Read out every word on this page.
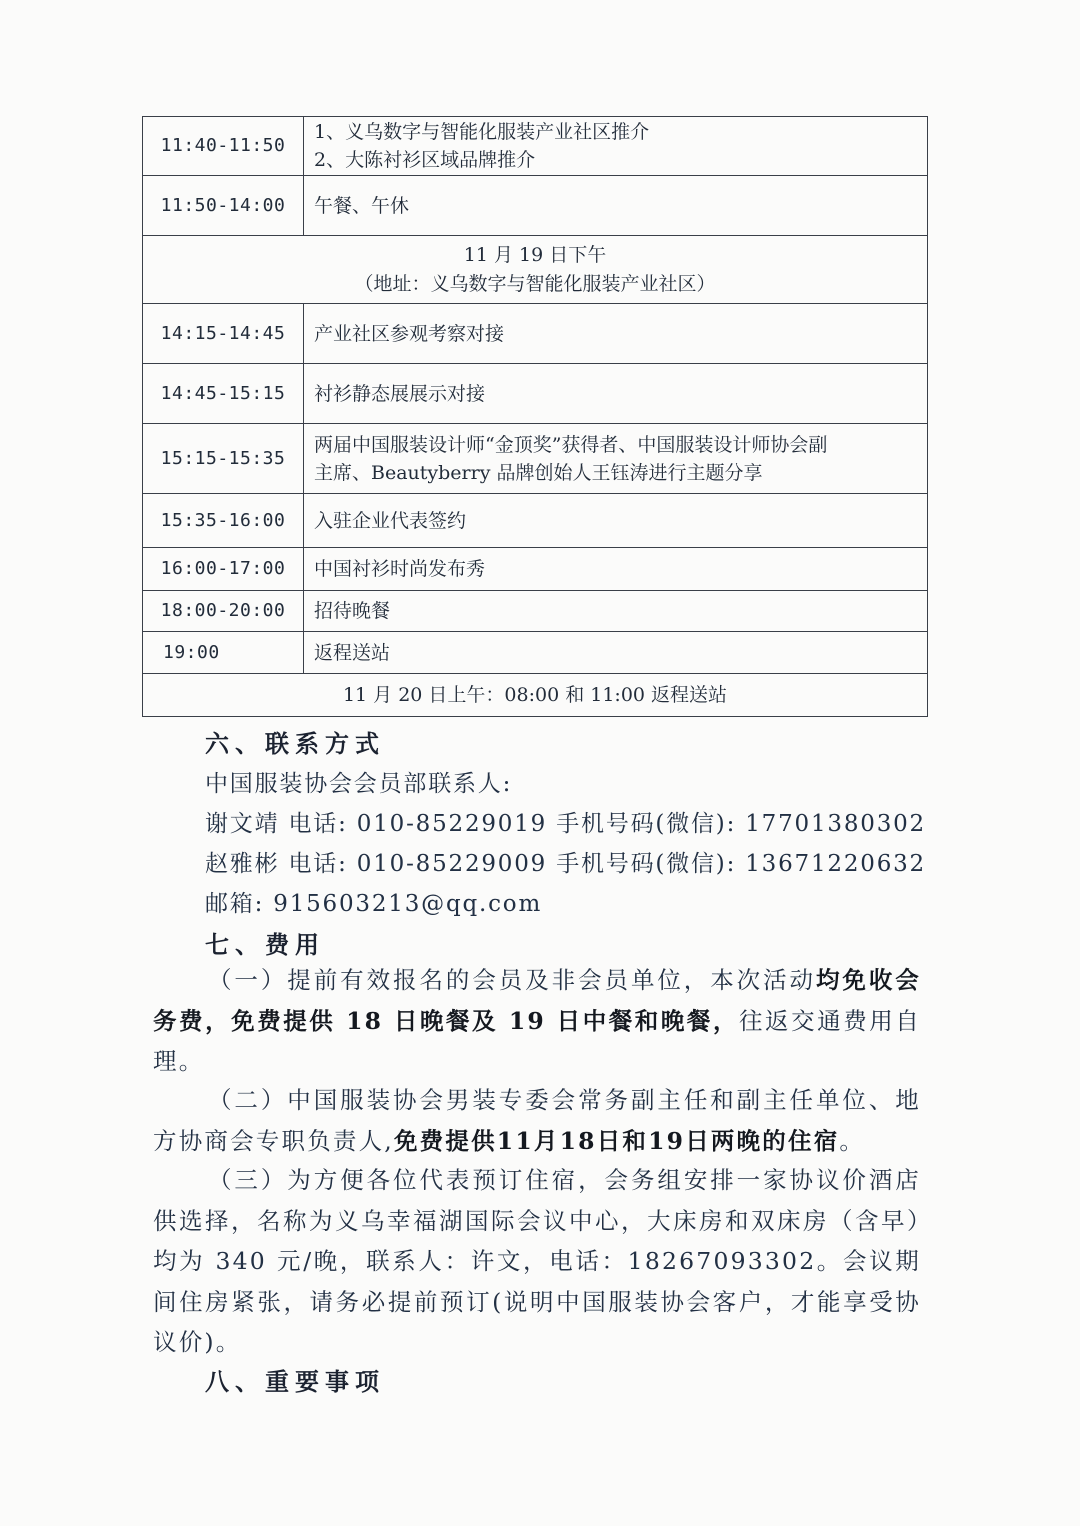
11:40-11:50	1、义乌数字与智能化服装产业社区推介
2、大陈衬衫区域品牌推介

11:50-14:00	午餐、午休

11 月 19 日下午
（地址：义乌数字与智能化服装产业社区）	

14:15-14:45	产业社区参观考察对接
14:45-15:15	衬衫静态展展示对接
15:15-15:35	两届中国服装设计师“金顶奖”获得者、中国服装设计师协会副
主席、Beautyberry 品牌创始人王钰涛进行主题分享

15:35-16:00	入驻企业代表签约
16:00-17:00	中国衬衫时尚发布秀
18:00-20:00	招待晚餐
19:00	返程送站
11 月 20 日上午：08:00 和 11:00 返程送站	
六、联系方式
中国服装协会会员部联系人:
谢文靖 电话: 010-85229019 手机号码(微信): 17701380302
赵雅彬 电话: 010-85229009 手机号码(微信): 13671220632
邮箱: 915603213@qq.com
七、费用
（一）提前有效报名的会员及非会员单位，本次活动均免收会务费，免费提供 18 日晚餐及 19 日中餐和晚餐，往返交通费用自理。
（二）中国服装协会男装专委会常务副主任和副主任单位、地方协商会专职负责人,免费提供11月18日和19日两晚的住宿。
（三）为方便各位代表预订住宿，会务组安排一家协议价酒店供选择，名称为义乌幸福湖国际会议中心，大床房和双床房（含早）均为 340 元/晚，联系人：许文，电话：18267093302。会议期间住房紧张，请务必提前预订(说明中国服装协会客户，才能享受协议价)。
八、重要事项
